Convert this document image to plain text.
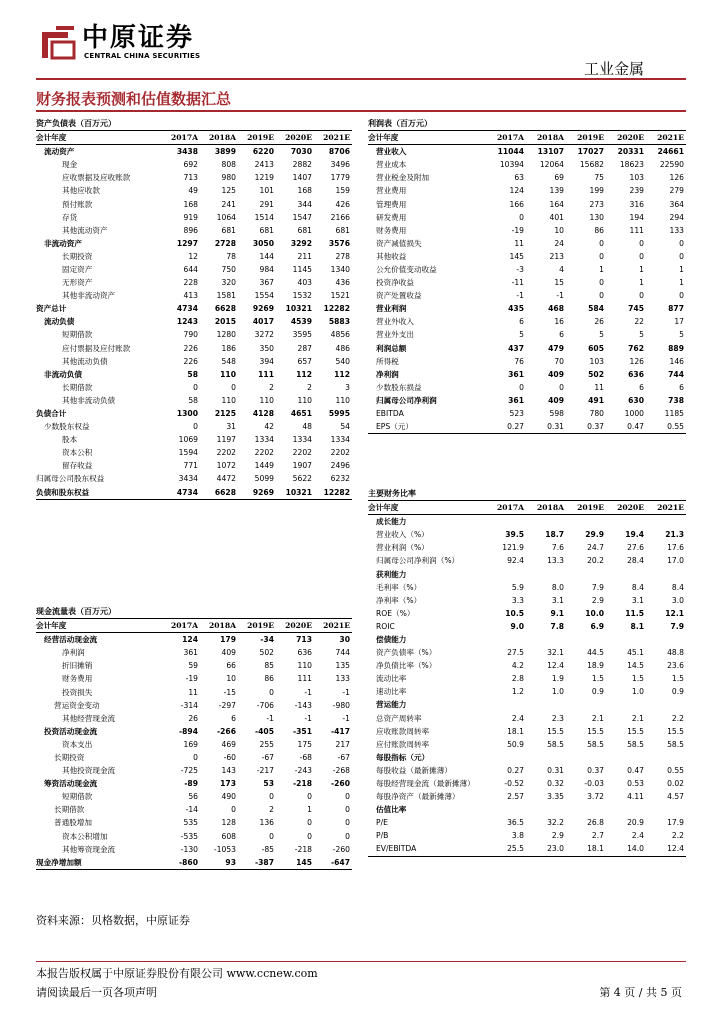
中原证券
CENTRAL CHINA SECURITIES
工业金属
财务报表预测和估值数据汇总
资产负债表（百万元）
会计年度	2017A	2018A	2019E	2020E	2021E
流动资产	3438	3899	6220	7030	8706
现金	692	808	2413	2882	3496
应收票据及应收账款	713	980	1219	1407	1779
其他应收款	49	125	101	168	159
预付账款	168	241	291	344	426
存货	919	1064	1514	1547	2166
其他流动资产	896	681	681	681	681
非流动资产	1297	2728	3050	3292	3576
长期投资	12	78	144	211	278
固定资产	644	750	984	1145	1340
无形资产	228	320	367	403	436
其他非流动资产	413	1581	1554	1532	1521
资产总计	4734	6628	9269	10321	12282
流动负债	1243	2015	4017	4539	5883
短期借款	790	1280	3272	3595	4856
应付票据及应付账款	226	186	350	287	486
其他流动负债	226	548	394	657	540
非流动负债	58	110	111	112	112
长期借款	0	0	2	2	3
其他非流动负债	58	110	110	110	110
负债合计	1300	2125	4128	4651	5995
少数股东权益	0	31	42	48	54
股本	1069	1197	1334	1334	1334
资本公积	1594	2202	2202	2202	2202
留存收益	771	1072	1449	1907	2496
归属母公司股东权益	3434	4472	5099	5622	6232
负债和股东权益	4734	6628	9269	10321	12282
利润表（百万元）
会计年度	2017A	2018A	2019E	2020E	2021E
营业收入	11044	13107	17027	20331	24661
营业成本	10394	12064	15682	18623	22590
营业税金及附加	63	69	75	103	126
营业费用	124	139	199	239	279
管理费用	166	164	273	316	364
研发费用	0	401	130	194	294
财务费用	-19	10	86	111	133
资产减值损失	11	24	0	0	0
其他收益	145	213	0	0	0
公允价值变动收益	-3	4	1	1	1
投资净收益	-11	15	0	1	1
资产处置收益	-1	-1	0	0	0
营业利润	435	468	584	745	877
营业外收入	6	16	26	22	17
营业外支出	5	6	5	5	5
利润总额	437	479	605	762	889
所得税	76	70	103	126	146
净利润	361	409	502	636	744
少数股东损益	0	0	11	6	6
归属母公司净利润	361	409	491	630	738
EBITDA	523	598	780	1000	1185
EPS（元）	0.27	0.31	0.37	0.47	0.55
主要财务比率
会计年度	2017A	2018A	2019E	2020E	2021E
成长能力					
营业收入（%）	39.5	18.7	29.9	19.4	21.3
营业利润（%）	121.9	7.6	24.7	27.6	17.6
归属母公司净利润（%）	92.4	13.3	20.2	28.4	17.0
获利能力					
毛利率（%）	5.9	8.0	7.9	8.4	8.4
净利率（%）	3.3	3.1	2.9	3.1	3.0
ROE（%）	10.5	9.1	10.0	11.5	12.1
ROIC	9.0	7.8	6.9	8.1	7.9
偿债能力					
资产负债率（%）	27.5	32.1	44.5	45.1	48.8
净负债比率（%）	4.2	12.4	18.9	14.5	23.6
流动比率	2.8	1.9	1.5	1.5	1.5
速动比率	1.2	1.0	0.9	1.0	0.9
营运能力					
总资产周转率	2.4	2.3	2.1	2.1	2.2
应收账款周转率	18.1	15.5	15.5	15.5	15.5
应付账款周转率	50.9	58.5	58.5	58.5	58.5
每股指标（元）					
每股收益（最新摊薄）	0.27	0.31	0.37	0.47	0.55
每股经营现金流（最新摊薄）	-0.52	0.32	-0.03	0.53	0.02
每股净资产（最新摊薄）	2.57	3.35	3.72	4.11	4.57
估值比率					
P/E	36.5	32.2	26.8	20.9	17.9
P/B	3.8	2.9	2.7	2.4	2.2
EV/EBITDA	25.5	23.0	18.1	14.0	12.4
现金流量表（百万元）
会计年度	2017A	2018A	2019E	2020E	2021E
经营活动现金流	124	179	-34	713	30
净利润	361	409	502	636	744
折旧摊销	59	66	85	110	135
财务费用	-19	10	86	111	133
投资损失	11	-15	0	-1	-1
营运资金变动	-314	-297	-706	-143	-980
其他经营现金流	26	6	-1	-1	-1
投资活动现金流	-894	-266	-405	-351	-417
资本支出	169	469	255	175	217
长期投资	0	-60	-67	-68	-67
其他投资现金流	-725	143	-217	-243	-268
筹资活动现金流	-89	173	53	-218	-260
短期借款	56	490	0	0	0
长期借款	-14	0	2	1	0
普通股增加	535	128	136	0	0
资本公积增加	-535	608	0	0	0
其他筹资现金流	-130	-1053	-85	-218	-260
现金净增加额	-860	93	-387	145	-647
资料来源：贝格数据，中原证券
本报告版权属于中原证券股份有限公司 www.ccnew.com
请阅读最后一页各项声明	第 4 页 / 共 5 页
